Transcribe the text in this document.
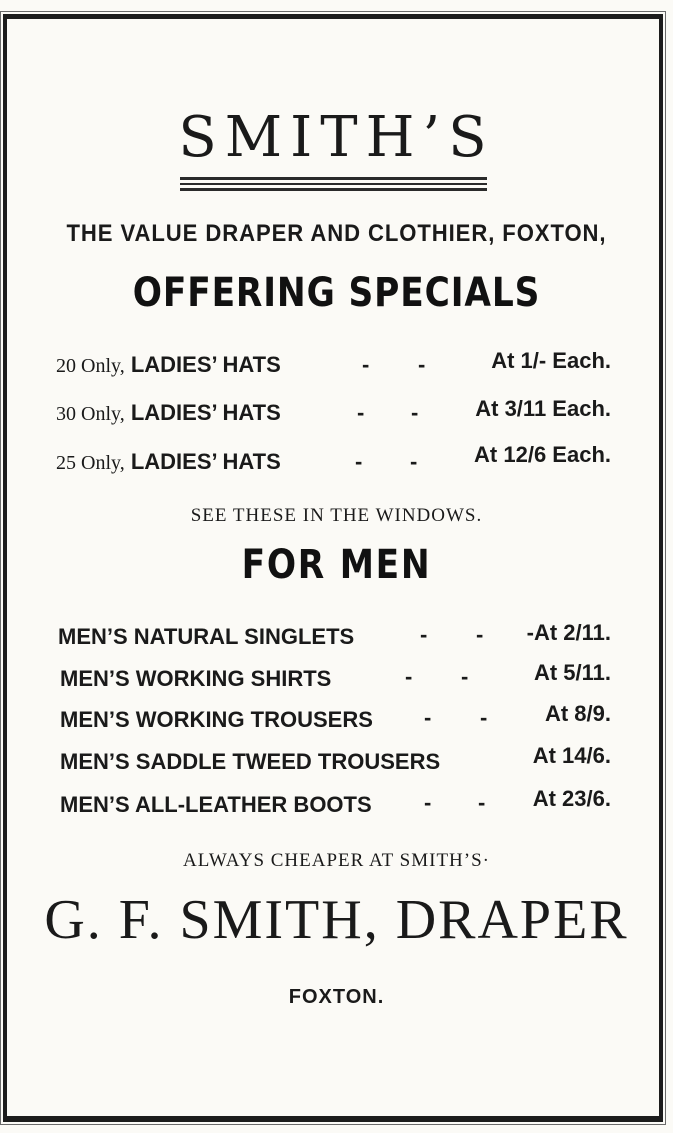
SMITH’S
THE VALUE DRAPER AND CLOTHIER, FOXTON,
OFFERING SPECIALS
20 Only, LADIES’ HATS	- -	At 1/- Each.
30 Only, LADIES’ HATS	- -	At 3/11 Each.
25 Only, LADIES’ HATS	- -	At 12/6 Each.
SEE THESE IN THE WINDOWS.
FOR MEN
MEN’S NATURAL SINGLETS	- - -At 2/11.
MEN’S WORKING SHIRTS	- -	At 5/11.
MEN’S WORKING TROUSERS - -	At 8/9.
MEN’S SADDLE TWEED TROUSERS	At 14/6.
MEN’S ALL-LEATHER BOOTS - - At 23/6.
ALWAYS CHEAPER AT SMITH’S·
G. F. SMITH, DRAPER
FOXTON.
